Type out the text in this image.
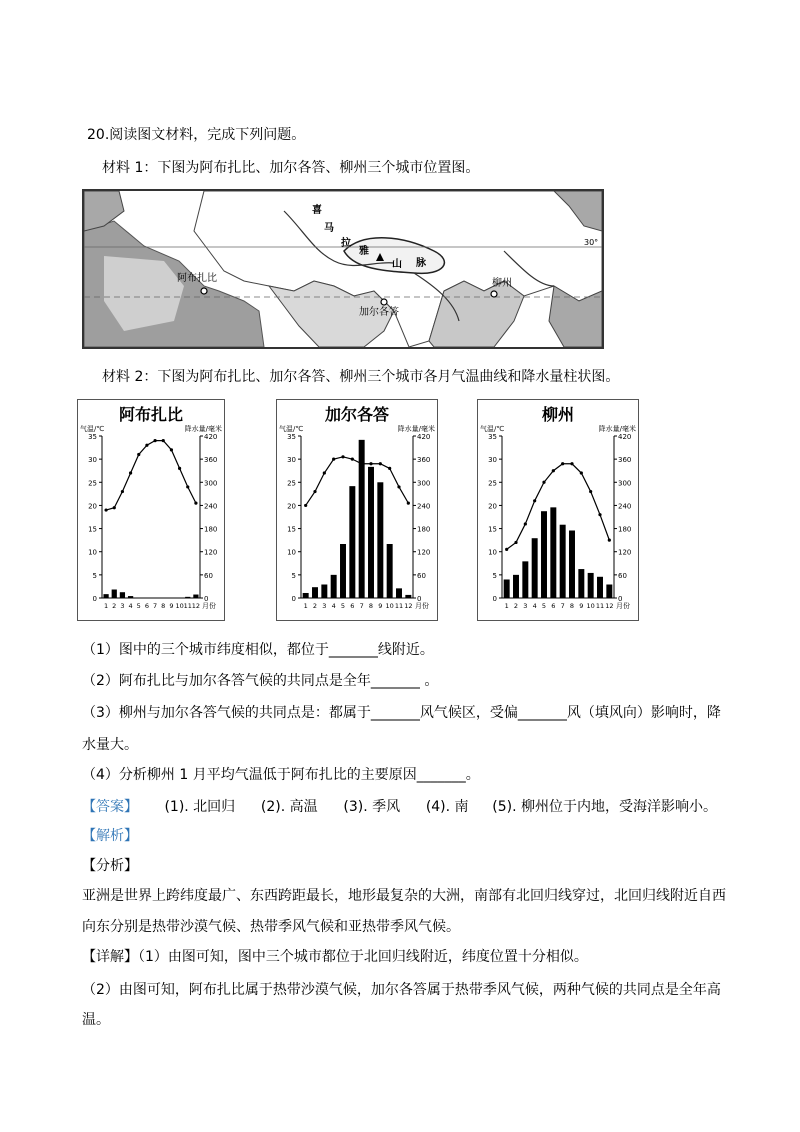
20.阅读图文材料，完成下列问题。
材料 1：下图为阿布扎比、加尔各答、柳州三个城市位置图。
阿布扎比
加尔各答
柳州
30°
喜
马
拉
雅
山 脉
材料 2：下图为阿布扎比、加尔各答、柳州三个城市各月气温曲线和降水量柱状图。
阿布扎比
气温/℃	降水量/毫米
0
5
10
15
20
25
30
35
0
60
120
180
240
300
360
420
1 2 3 4 5 6 7 8 9 10 11 12 月份
加尔各答
气温/℃	降水量/毫米
0
5
10
15
20
25
30
35
0
60
120
180
240
300
360
420
1 2 3 4 5 6 7 8 9 10 11 12 月份
柳州
气温/℃	降水量/毫米
0
5
10
15
20
25
30
35
0
60
120
180
240
300
360
420
1 2 3 4 5 6 7 8 9 10 11 12 月份
（1）图中的三个城市纬度相似，都位于_______线附近。
（2）阿布扎比与加尔各答气候的共同点是全年_______ 。
（3）柳州与加尔各答气候的共同点是：都属于_______风气候区，受偏_______风（填风向）影响时，降
水量大。
（4）分析柳州 1 月平均气温低于阿布扎比的主要原因_______。
【答案】 (1). 北回归 (2). 高温 (3). 季风 (4). 南 (5). 柳州位于内地，受海洋影响小。
【解析】
【分析】
亚洲是世界上跨纬度最广、东西跨距最长，地形最复杂的大洲，南部有北回归线穿过，北回归线附近自西
向东分别是热带沙漠气候、热带季风气候和亚热带季风气候。
【详解】（1）由图可知，图中三个城市都位于北回归线附近，纬度位置十分相似。
（2）由图可知，阿布扎比属于热带沙漠气候，加尔各答属于热带季风气候，两种气候的共同点是全年高
温。
